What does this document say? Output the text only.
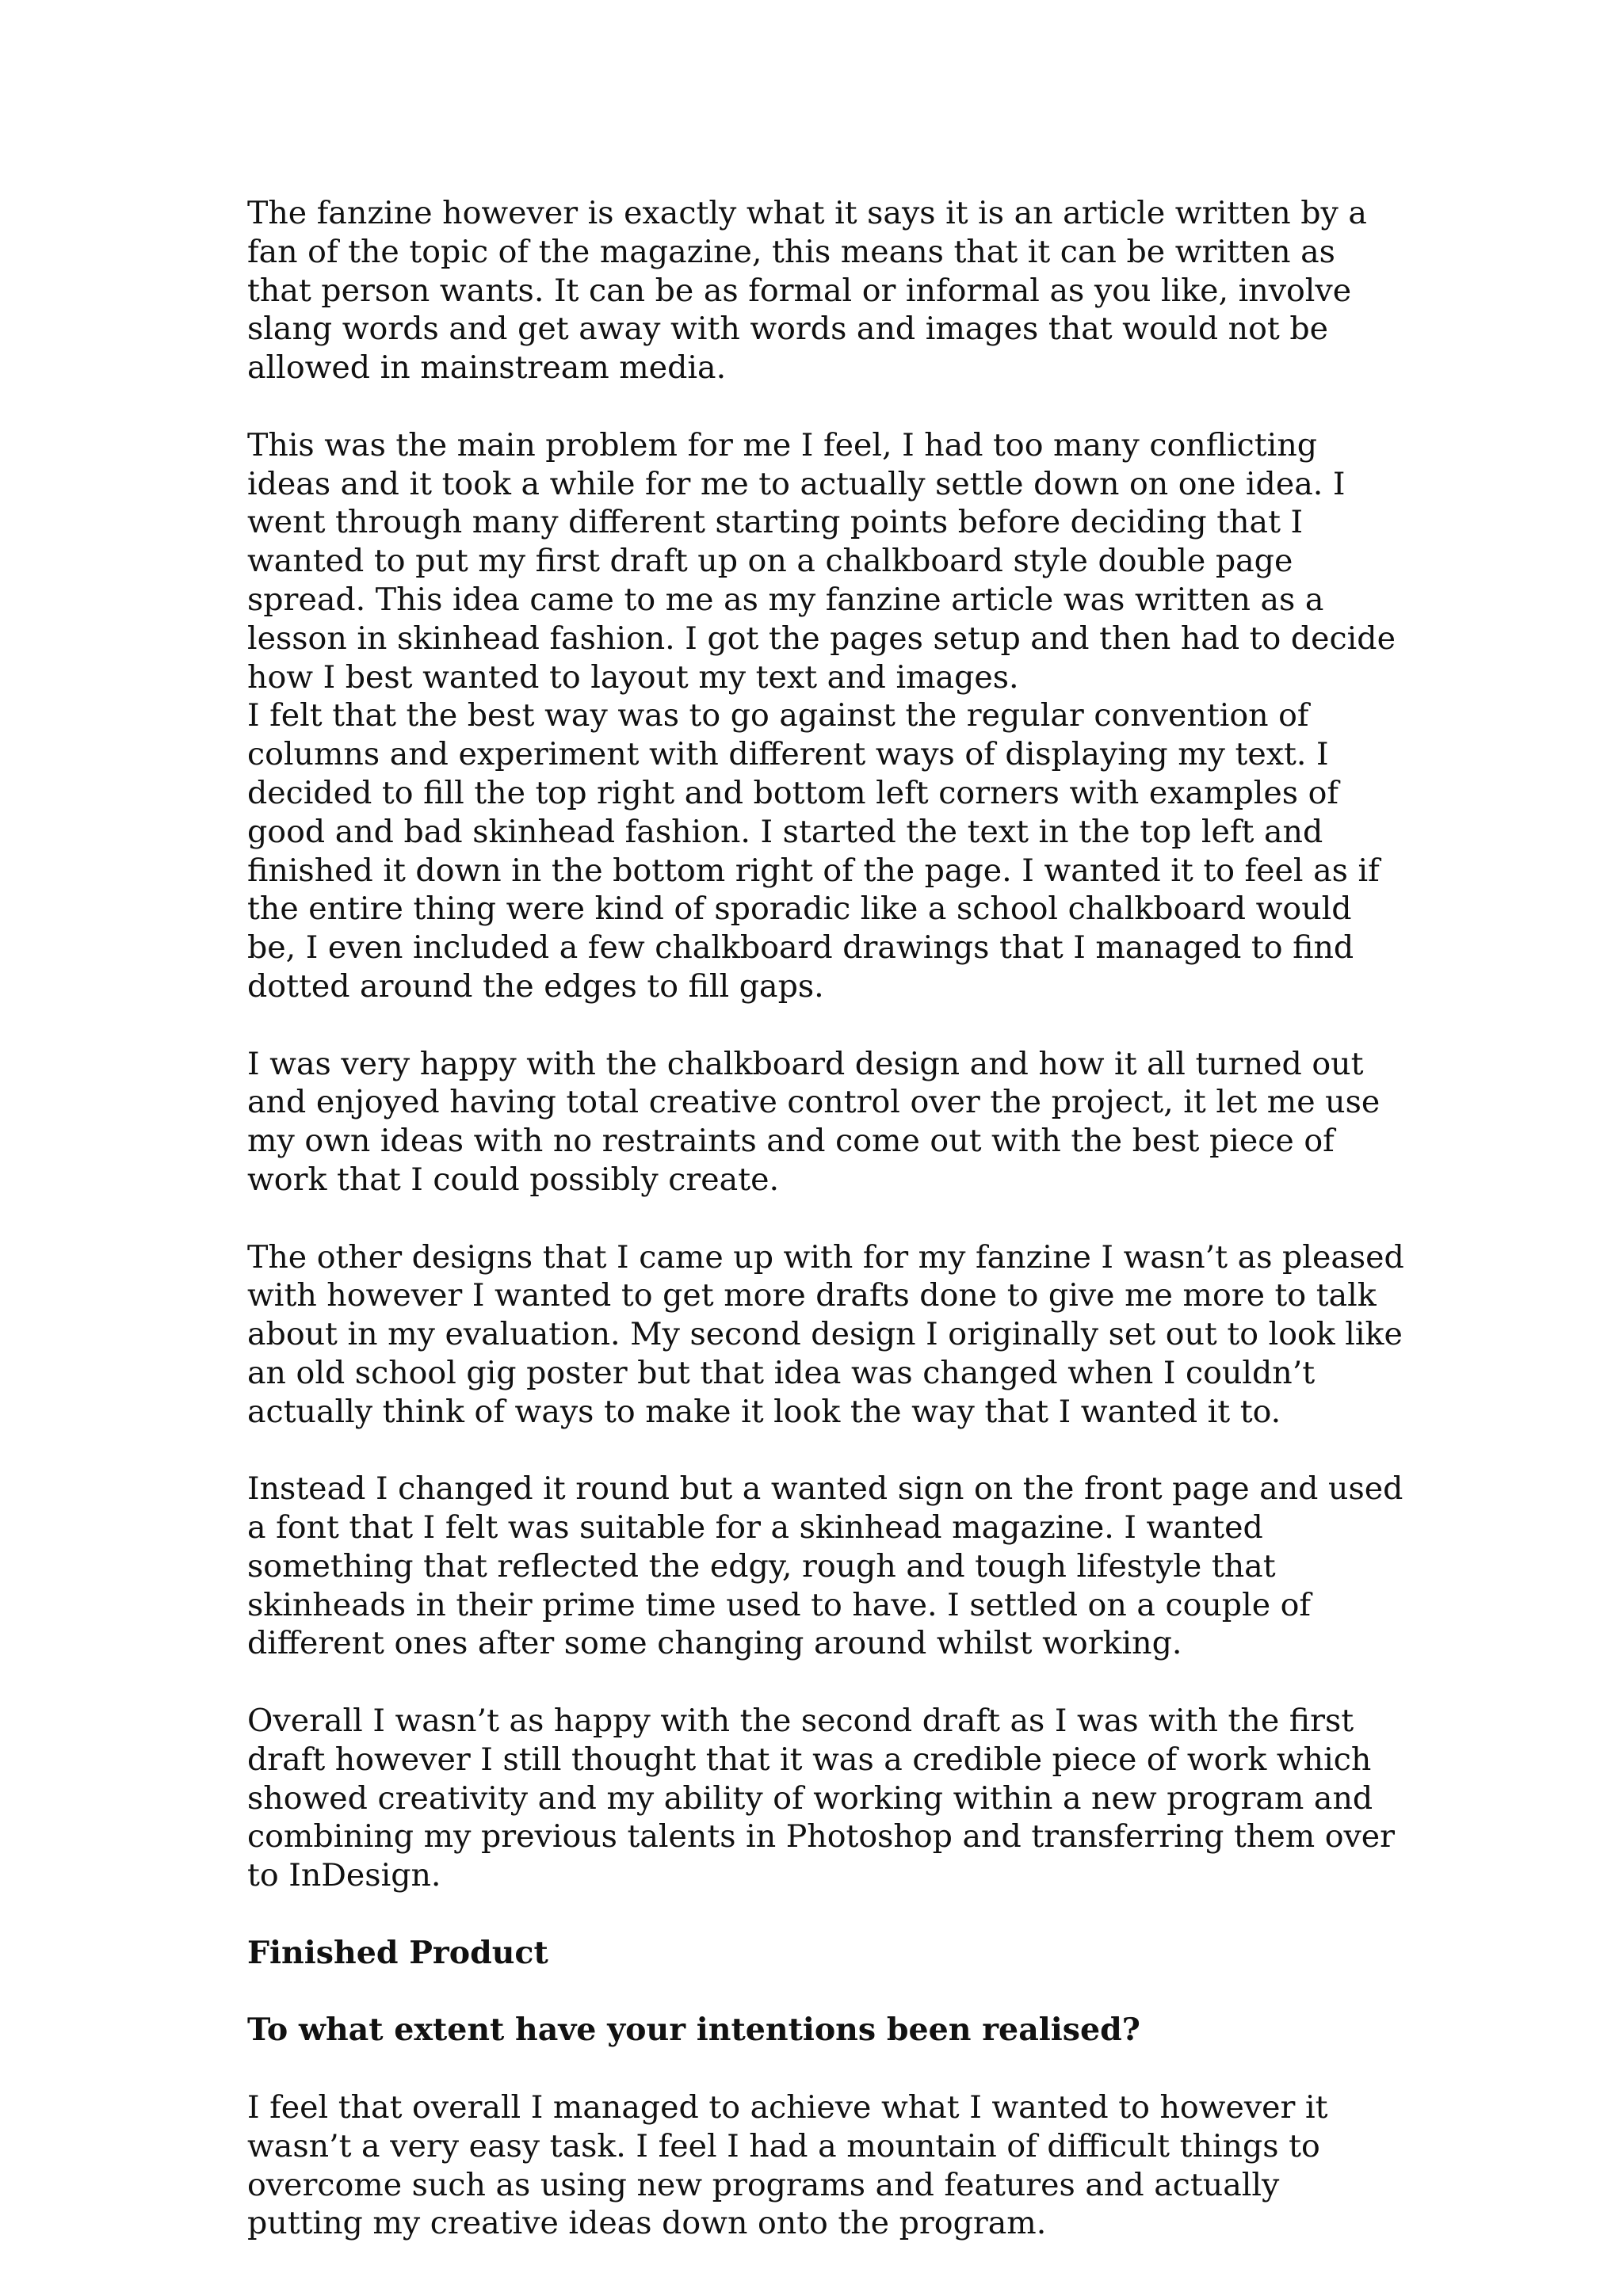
The fanzine however is exactly what it says it is an article written by a fan of the topic of the magazine, this means that it can be written as that person wants. It can be as formal or informal as you like, involve slang words and get away with words and images that would not be allowed in mainstream media.

This was the main problem for me I feel, I had too many conflicting ideas and it took a while for me to actually settle down on one idea. I went through many different starting points before deciding that I wanted to put my first draft up on a chalkboard style double page spread. This idea came to me as my fanzine article was written as a lesson in skinhead fashion. I got the pages setup and then had to decide how I best wanted to layout my text and images.

I felt that the best way was to go against the regular convention of columns and experiment with different ways of displaying my text. I decided to fill the top right and bottom left corners with examples of good and bad skinhead fashion. I started the text in the top left and finished it down in the bottom right of the page. I wanted it to feel as if the entire thing were kind of sporadic like a school chalkboard would be, I even included a few chalkboard drawings that I managed to find dotted around the edges to fill gaps.

I was very happy with the chalkboard design and how it all turned out and enjoyed having total creative control over the project, it let me use my own ideas with no restraints and come out with the best piece of work that I could possibly create.

The other designs that I came up with for my fanzine I wasn’t as pleased with however I wanted to get more drafts done to give me more to talk about in my evaluation. My second design I originally set out to look like an old school gig poster but that idea was changed when I couldn’t actually think of ways to make it look the way that I wanted it to.

Instead I changed it round but a wanted sign on the front page and used a font that I felt was suitable for a skinhead magazine. I wanted something that reflected the edgy, rough and tough lifestyle that skinheads in their prime time used to have. I settled on a couple of different ones after some changing around whilst working.

Overall I wasn’t as happy with the second draft as I was with the first draft however I still thought that it was a credible piece of work which showed creativity and my ability of working within a new program and combining my previous talents in Photoshop and transferring them over to InDesign.

Finished Product

To what extent have your intentions been realised?

I feel that overall I managed to achieve what I wanted to however it wasn’t a very easy task. I feel I had a mountain of difficult things to overcome such as using new programs and features and actually putting my creative ideas down onto the program.
